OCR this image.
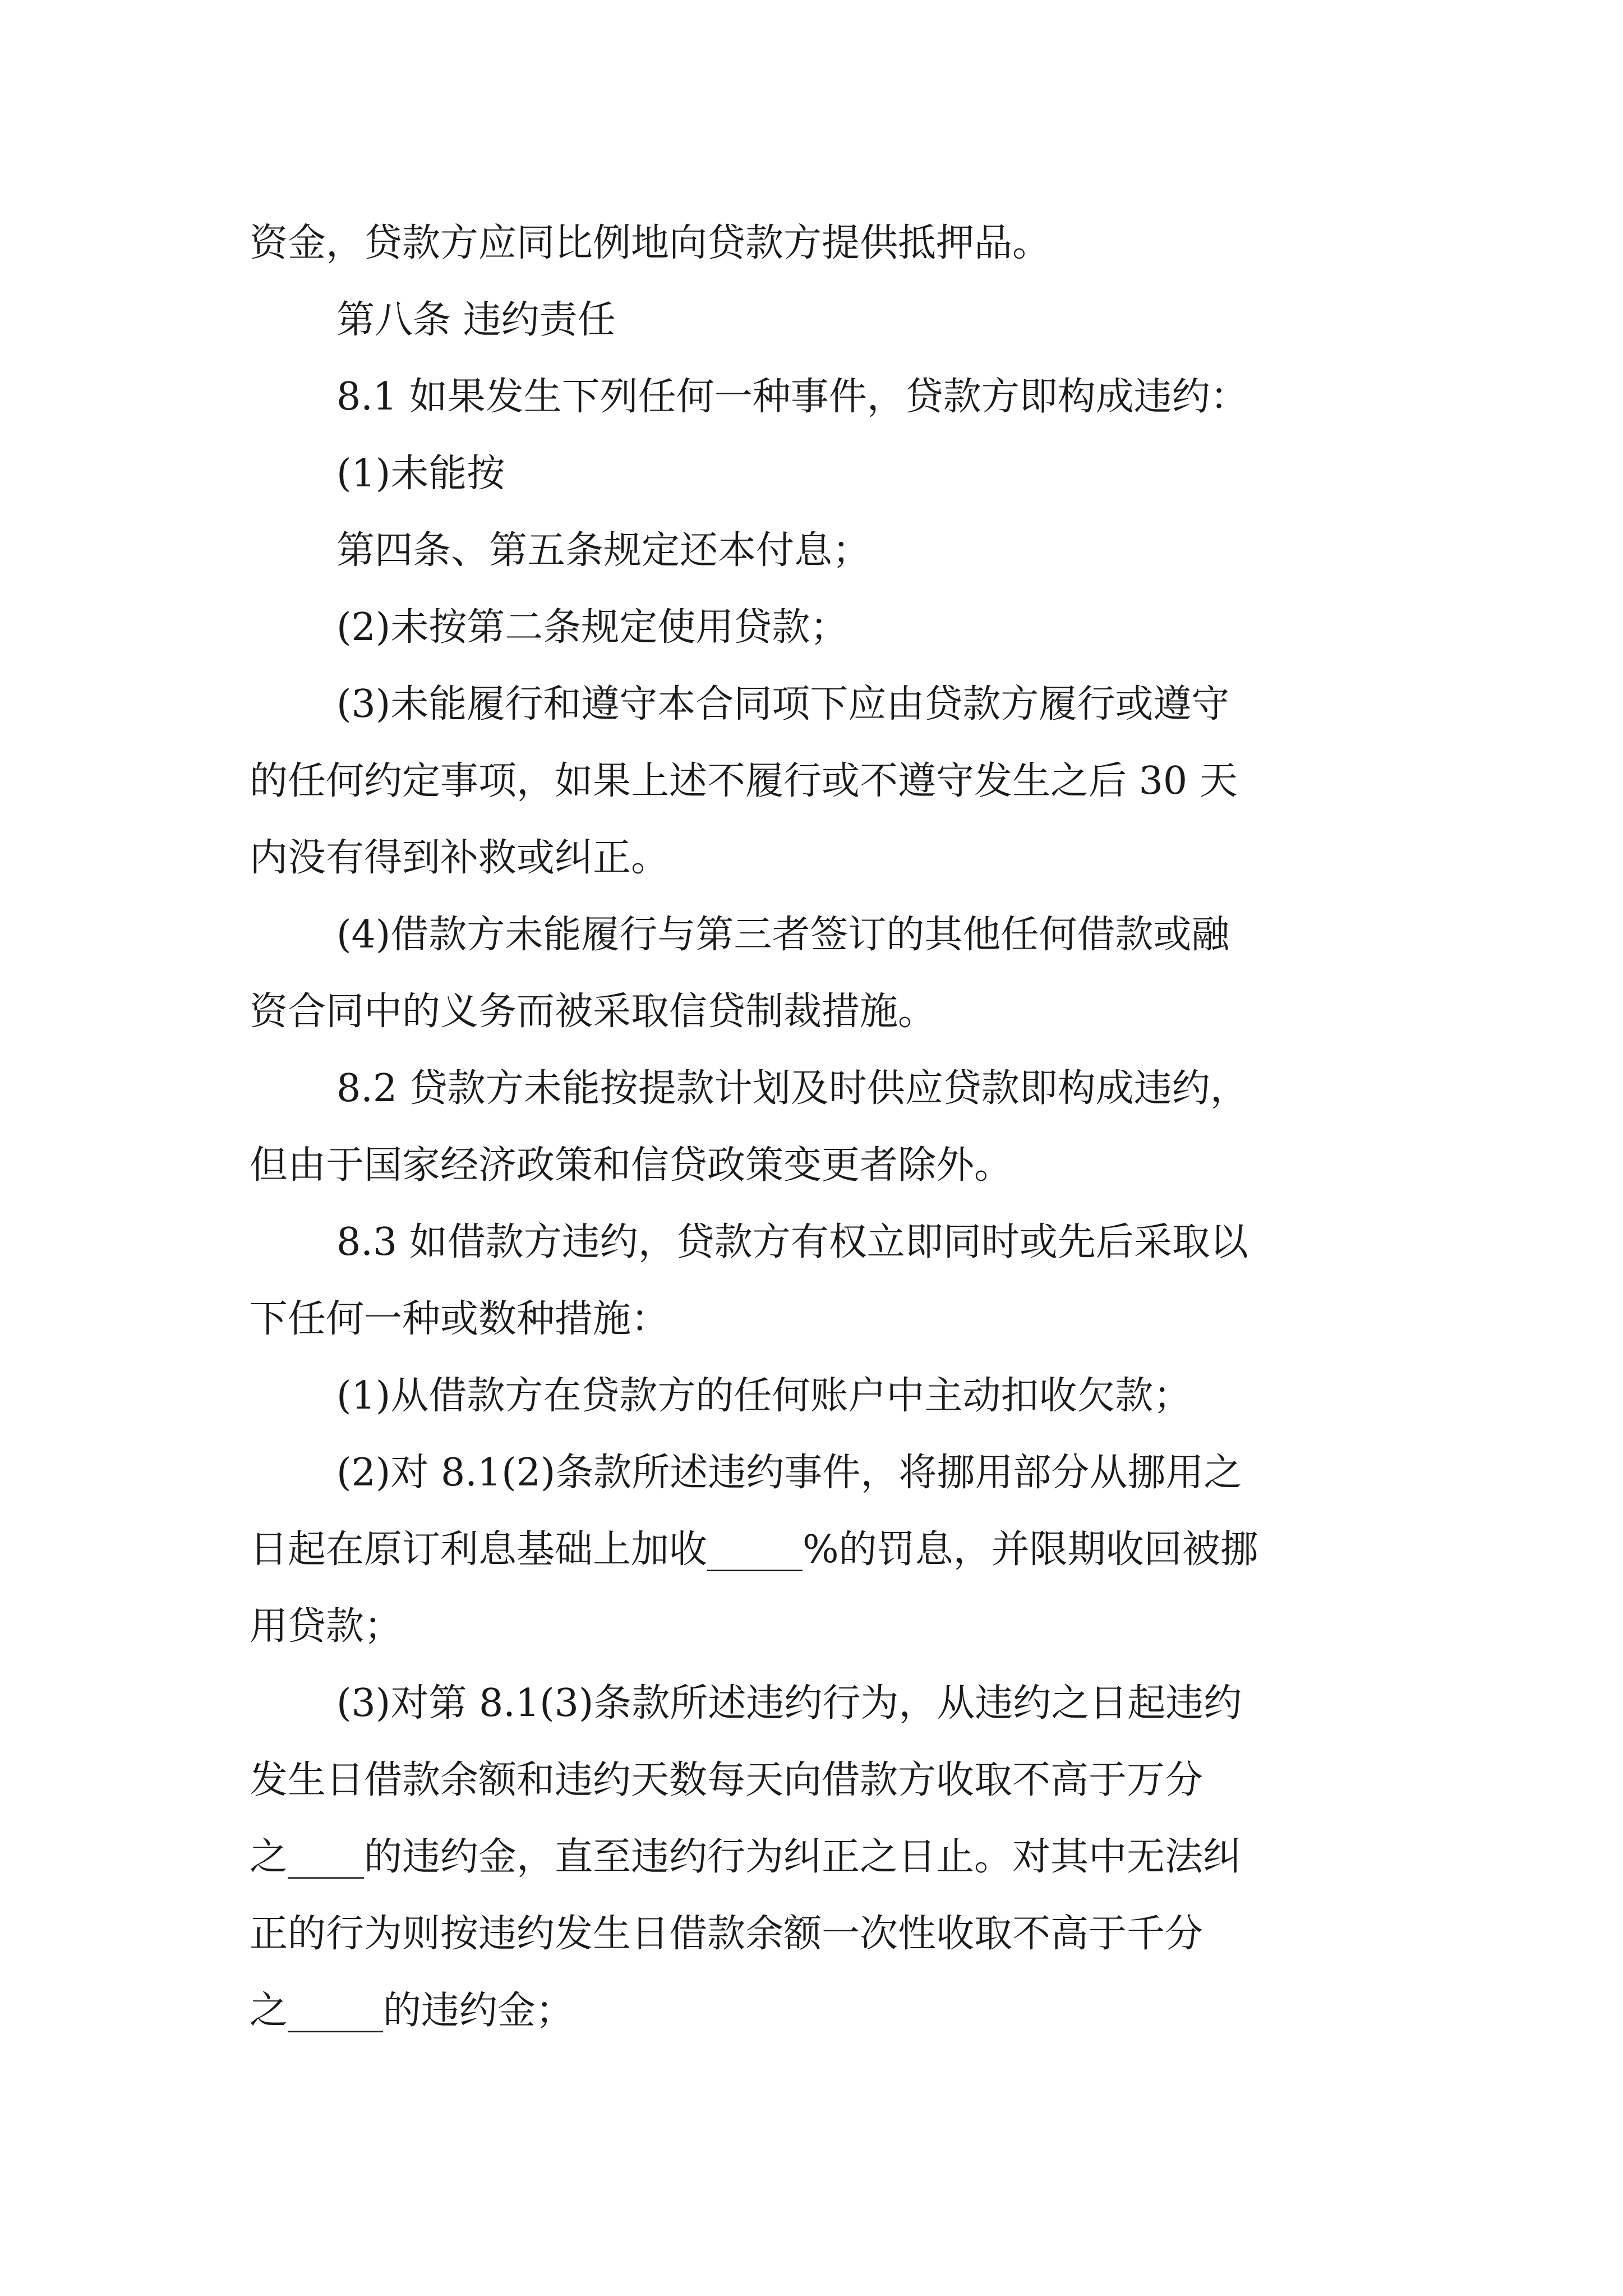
资金，贷款方应同比例地向贷款方提供抵押品。

第八条 违约责任

8.1 如果发生下列任何一种事件，贷款方即构成违约：

(1)未能按

第四条、第五条规定还本付息；

(2)未按第二条规定使用贷款；

(3)未能履行和遵守本合同项下应由贷款方履行或遵守

的任何约定事项，如果上述不履行或不遵守发生之后 30 天

内没有得到补救或纠正。

(4)借款方未能履行与第三者签订的其他任何借款或融

资合同中的义务而被采取信贷制裁措施。

8.2 贷款方未能按提款计划及时供应贷款即构成违约，

但由于国家经济政策和信贷政策变更者除外。

8.3 如借款方违约，贷款方有权立即同时或先后采取以

下任何一种或数种措施：

(1)从借款方在贷款方的任何账户中主动扣收欠款；

(2)对 8.1(2)条款所述违约事件，将挪用部分从挪用之

日起在原订利息基础上加收_____%的罚息，并限期收回被挪

用贷款；

(3)对第 8.1(3)条款所述违约行为，从违约之日起违约

发生日借款余额和违约天数每天向借款方收取不高于万分

之____的违约金，直至违约行为纠正之日止。对其中无法纠

正的行为则按违约发生日借款余额一次性收取不高于千分

之_____的违约金；
